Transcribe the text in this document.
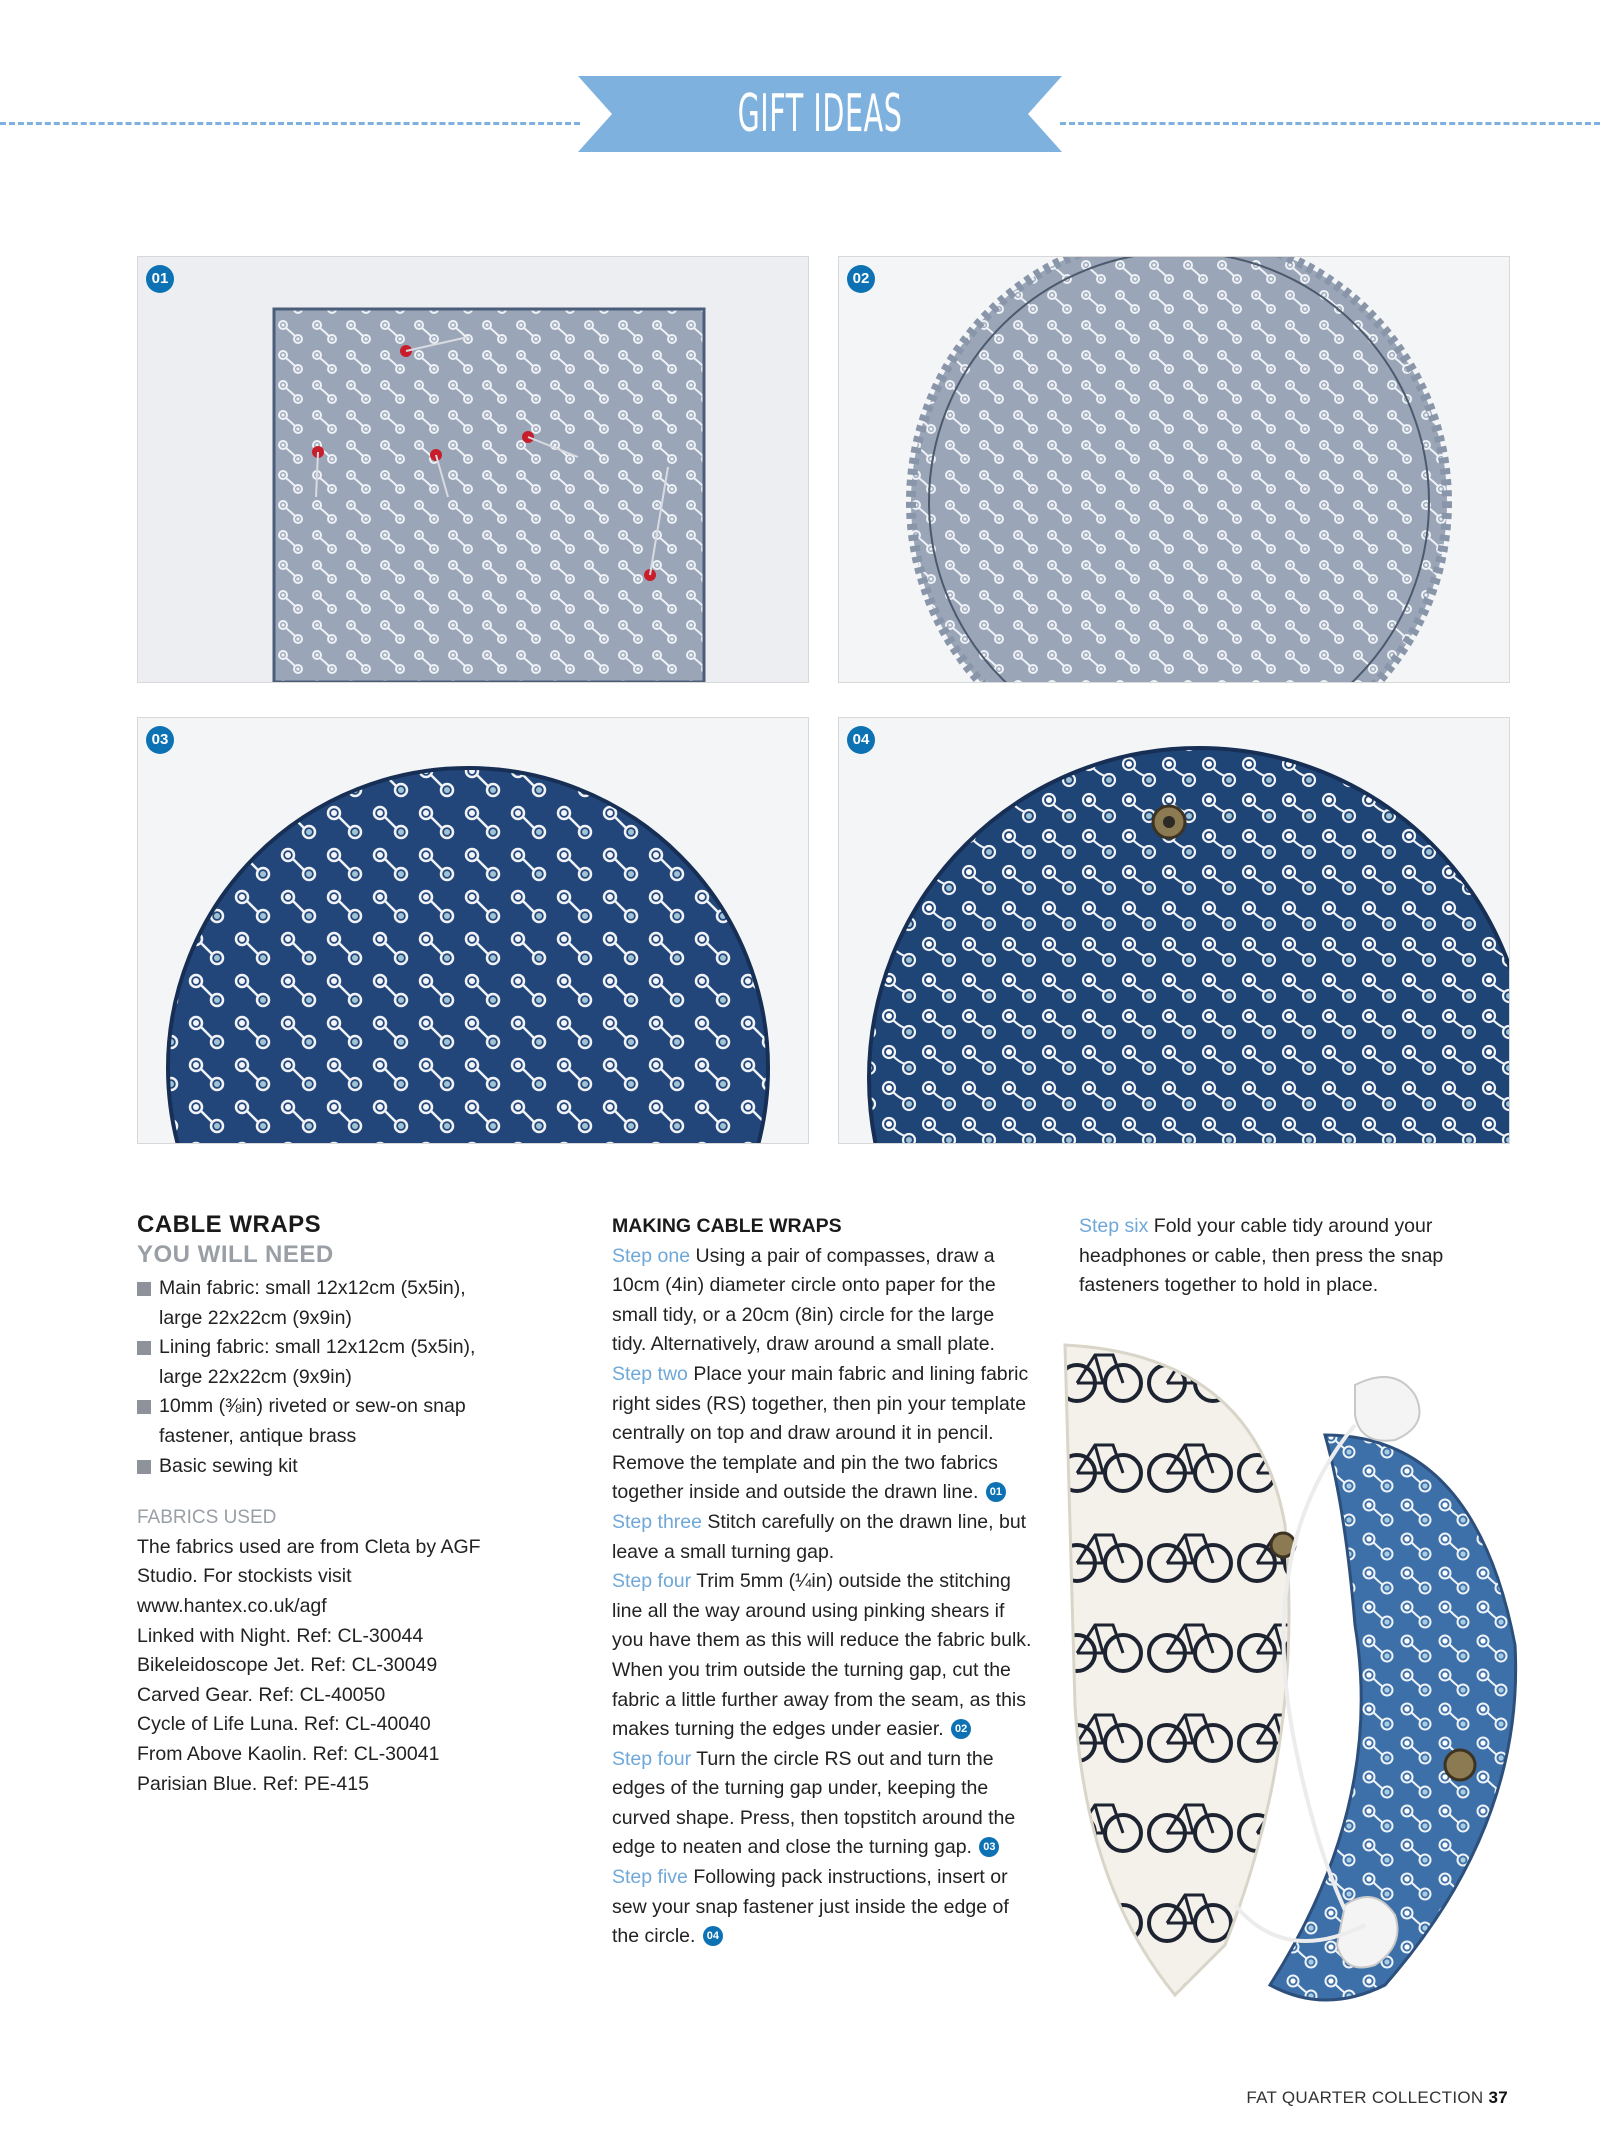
GIFT IDEAS
01	02
03	04
CABLE WRAPS
YOU WILL NEED
Main fabric: small 12x12cm (5x5in), large 22x22cm (9x9in)
Lining fabric: small 12x12cm (5x5in), large 22x22cm (9x9in)
10mm (⅜in) riveted or sew-on snap fastener, antique brass
Basic sewing kit
FABRICS USED

The fabrics used are from Cleta by AGF Studio. For stockists visit www.hantex.co.uk/agf

Linked with Night. Ref: CL-30044
Bikeleidoscope Jet. Ref: CL-30049
Carved Gear. Ref: CL-40050
Cycle of Life Luna. Ref: CL-40040
From Above Kaolin. Ref: CL-30041
Parisian Blue. Ref: PE-415
MAKING CABLE WRAPS

Step one Using a pair of compasses, draw a 10cm (4in) diameter circle onto paper for the small tidy, or a 20cm (8in) circle for the large tidy. Alternatively, draw around a small plate.

Step two Place your main fabric and lining fabric right sides (RS) together, then pin your template centrally on top and draw around it in pencil. Remove the template and pin the two fabrics together inside and outside the drawn line. 01

Step three Stitch carefully on the drawn line, but leave a small turning gap.

Step four Trim 5mm (¼in) outside the stitching line all the way around using pinking shears if you have them as this will reduce the fabric bulk. When you trim outside the turning gap, cut the fabric a little further away from the seam, as this makes turning the edges under easier. 02

Step four Turn the circle RS out and turn the edges of the turning gap under, keeping the curved shape. Press, then topstitch around the edge to neaten and close the turning gap. 03

Step five Following pack instructions, insert or sew your snap fastener just inside the edge of the circle. 04

Step six Fold your cable tidy around your headphones or cable, then press the snap fasteners together to hold in place.

FAT QUARTER COLLECTION 37
